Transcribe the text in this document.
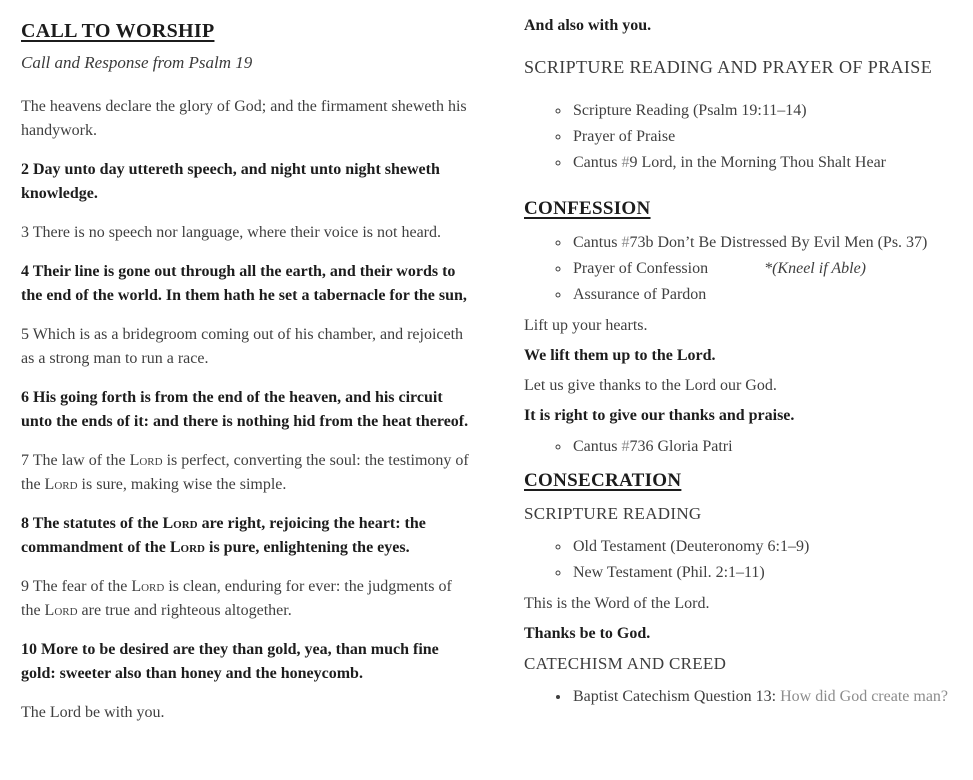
CALL TO WORSHIP

Call and Response from Psalm 19

The heavens declare the glory of God; and the firmament sheweth his handywork.

2 Day unto day uttereth speech, and night unto night sheweth knowledge.

3 There is no speech nor language, where their voice is not heard.

4 Their line is gone out through all the earth, and their words to the end of the world. In them hath he set a tabernacle for the sun,

5 Which is as a bridegroom coming out of his chamber, and rejoiceth as a strong man to run a race.

6 His going forth is from the end of the heaven, and his circuit unto the ends of it: and there is nothing hid from the heat thereof.

7 The law of the Lord is perfect, converting the soul: the testimony of the Lord is sure, making wise the simple.

8 The statutes of the Lord are right, rejoicing the heart: the commandment of the Lord is pure, enlightening the eyes.

9 The fear of the Lord is clean, enduring for ever: the judgments of the Lord are true and righteous altogether.

10 More to be desired are they than gold, yea, than much fine gold: sweeter also than honey and the honeycomb.

The Lord be with you.

And also with you.

SCRIPTURE READING AND PRAYER OF PRAISE
◦ Scripture Reading (Psalm 19:11–14)
◦ Prayer of Praise
◦ Cantus #9 Lord, in the Morning Thou Shalt Hear
CONFESSION
◦ Cantus #73b Don’t Be Distressed By Evil Men (Ps. 37)
◦ Prayer of Confession	*(Kneel if Able)
◦ Assurance of Pardon

Lift up your hearts.

We lift them up to the Lord.

Let us give thanks to the Lord our God.

It is right to give our thanks and praise.

◦ Cantus #736 Gloria Patri
CONSECRATION
SCRIPTURE READING
◦ Old Testament (Deuteronomy 6:1–9)
◦ New Testament (Phil. 2:1–11)

This is the Word of the Lord.

Thanks be to God.

CATECHISM AND CREED
• Baptist Catechism Question 13: How did God create man?
